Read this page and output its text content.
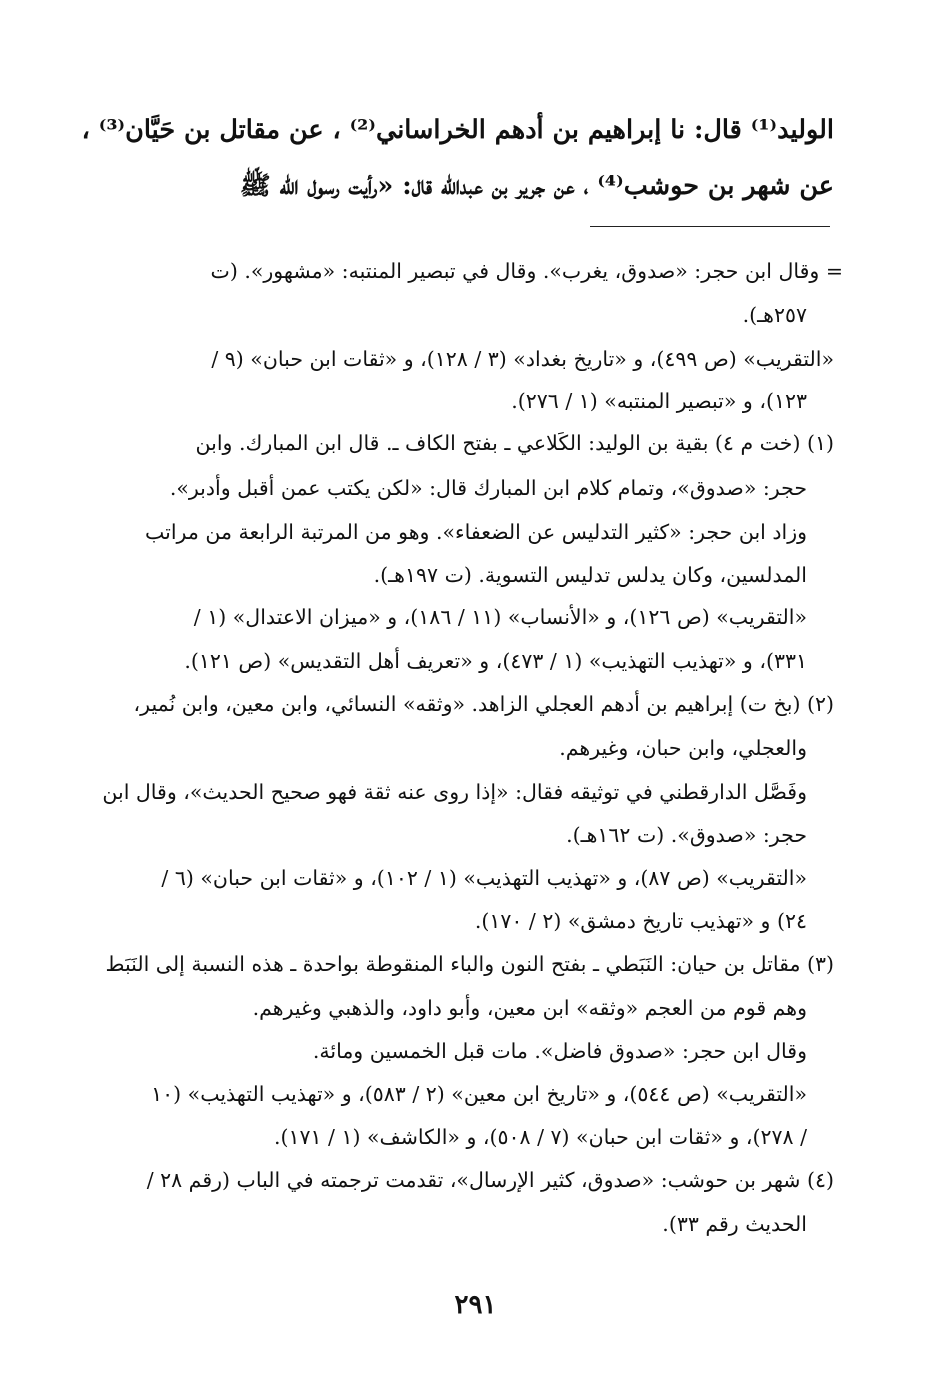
الوليد⁽¹⁾ قال: نا إبراهيم بن أدهم الخراساني⁽²⁾ ، عن مقاتل بن حَيَّان⁽³⁾ ،
عن شهر بن حوشب⁽⁴⁾ ، عن جرير بن عبدالله قال: «رأيت رسول الله ﷺ
= وقال ابن حجر: «صدوق، يغرب». وقال في تبصير المنتبه: «مشهور». (ت
٢٥٧هـ).
«التقريب» (ص ٤٩٩)، و «تاريخ بغداد» (٣ / ١٢٨)، و «ثقات ابن حبان» (٩ /
١٢٣)، و «تبصير المنتبه» (١ / ٢٧٦).
(١) (خت م ٤) بقية بن الوليد: الكَلاعي ـ بفتح الكاف ـ. قال ابن المبارك. وابن
حجر: «صدوق»، وتمام كلام ابن المبارك قال: «لكن يكتب عمن أقبل وأدبر».
وزاد ابن حجر: «كثير التدليس عن الضعفاء». وهو من المرتبة الرابعة من مراتب
المدلسين، وكان يدلس تدليس التسوية. (ت ١٩٧هـ).
«التقريب» (ص ١٢٦)، و «الأنساب» (١١ / ١٨٦)، و «ميزان الاعتدال» (١ /
٣٣١)، و «تهذيب التهذيب» (١ / ٤٧٣)، و «تعريف أهل التقديس» (ص ١٢١).
(٢) (بخ ت) إبراهيم بن أدهم العجلي الزاهد. «وثقه» النسائي، وابن معين، وابن نُمير،
والعجلي، وابن حبان، وغيرهم.
وفَصَّل الدارقطني في توثيقه فقال: «إذا روى عنه ثقة فهو صحيح الحديث»، وقال ابن
حجر: «صدوق». (ت ١٦٢هـ).
«التقريب» (ص ٨٧)، و «تهذيب التهذيب» (١ / ١٠٢)، و «ثقات ابن حبان» (٦ /
٢٤) و «تهذيب تاريخ دمشق» (٢ / ١٧٠).
(٣) مقاتل بن حيان: النَبَطي ـ بفتح النون والباء المنقوطة بواحدة ـ هذه النسبة إلى النَبَط
وهم قوم من العجم «وثقه» ابن معين، وأبو داود، والذهبي وغيرهم.
وقال ابن حجر: «صدوق فاضل». مات قبل الخمسين ومائة.
«التقريب» (ص ٥٤٤)، و «تاريخ ابن معين» (٢ / ٥٨٣)، و «تهذيب التهذيب» (١٠
/ ٢٧٨)، و «ثقات ابن حبان» (٧ / ٥٠٨)، و «الكاشف» (١ / ١٧١).
(٤) شهر بن حوشب: «صدوق، كثير الإرسال»، تقدمت ترجمته في الباب (رقم ٢٨ /
الحديث رقم ٣٣).
٢٩١
